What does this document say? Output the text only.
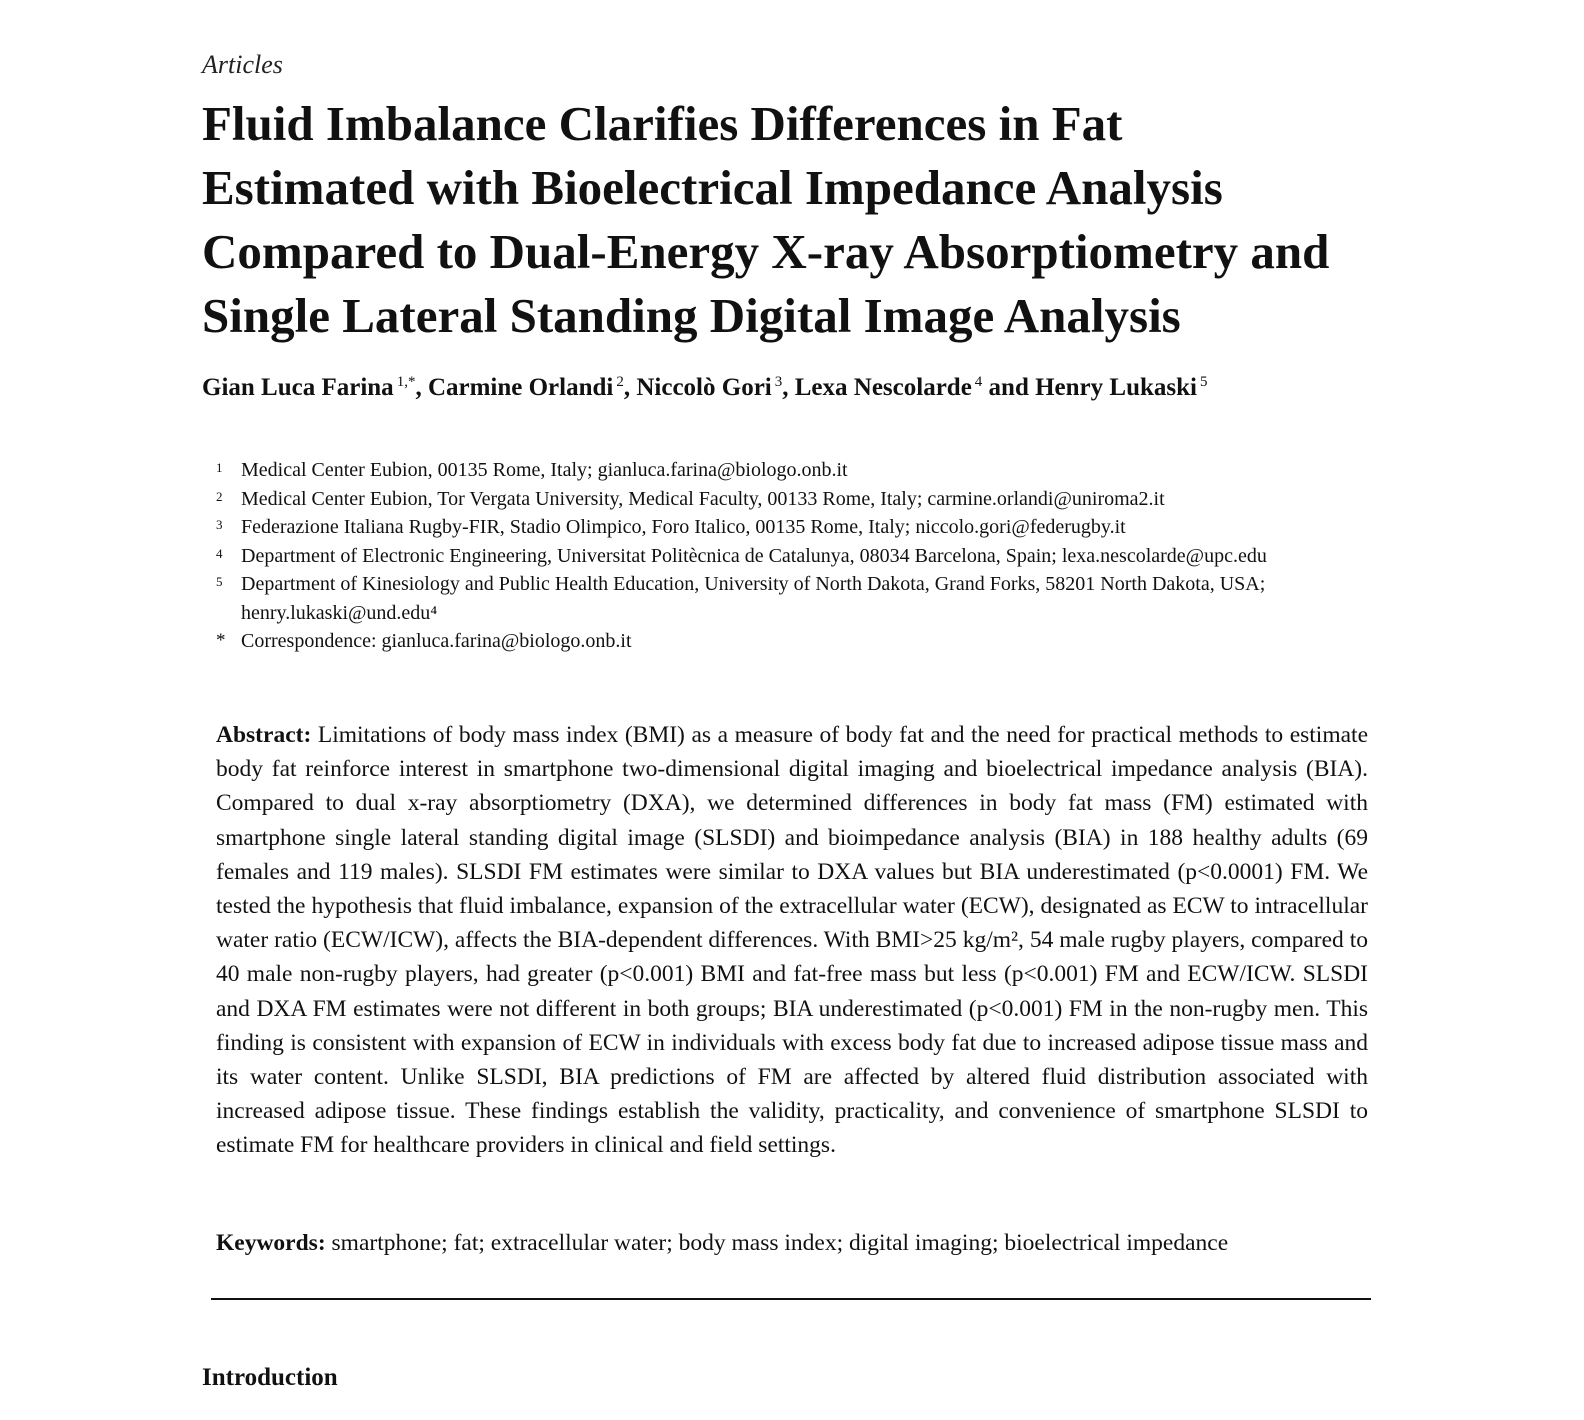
Articles
Fluid Imbalance Clarifies Differences in Fat
Estimated with Bioelectrical Impedance Analysis
Compared to Dual-Energy X-ray Absorptiometry and
Single Lateral Standing Digital Image Analysis
Gian Luca Farina $^{1,*}$, Carmine Orlandi $^2$, Niccolò Gori $^3$, Lexa Nescolarde $^4$ and Henry Lukaski $^5$
1 Medical Center Eubion, 00135 Rome, Italy; gianluca.farina@biologo.onb.it
2 Medical Center Eubion, Tor Vergata University, Medical Faculty, 00133 Rome, Italy; carmine.orlandi@uniroma2.it
3 Federazione Italiana Rugby-FIR, Stadio Olimpico, Foro Italico, 00135 Rome, Italy; niccolo.gori@federugby.it
4 Department of Electronic Engineering, Universitat Politècnica de Catalunya, 08034 Barcelona, Spain; lexa.nescolarde@upc.edu
5 Department of Kinesiology and Public Health Education, University of North Dakota, Grand Forks, 58201 North Dakota, USA; henry.lukaski@und.edu⁴
* Correspondence: gianluca.farina@biologo.onb.it
Abstract: Limitations of body mass index (BMI) as a measure of body fat and the need for practical methods to estimate body fat reinforce interest in smartphone two-dimensional digital imaging and bioelectrical impedance analysis (BIA). Compared to dual x-ray absorptiometry (DXA), we determined differences in body fat mass (FM) estimated with smartphone single lateral standing digital image (SLSDI) and bioimpedance analysis (BIA) in 188 healthy adults (69 females and 119 males). SLSDI FM estimates were similar to DXA values but BIA underestimated (p<0.0001) FM. We tested the hypothesis that fluid imbalance, expansion of the extracellular water (ECW), designated as ECW to intracellular water ratio (ECW/ICW), affects the BIA-dependent differences. With BMI>25 kg/m², 54 male rugby players, compared to 40 male non-rugby players, had greater (p<0.001) BMI and fat-free mass but less (p<0.001) FM and ECW/ICW. SLSDI and DXA FM estimates were not different in both groups; BIA underestimated (p<0.001) FM in the non-rugby men. This finding is consistent with expansion of ECW in individuals with excess body fat due to increased adipose tissue mass and its water content. Unlike SLSDI, BIA predictions of FM are affected by altered fluid distribution associated with increased adipose tissue. These findings establish the validity, practicality, and convenience of smartphone SLSDI to estimate FM for healthcare providers in clinical and field settings.
Keywords: smartphone; fat; extracellular water; body mass index; digital imaging; bioelectrical impedance
Introduction
